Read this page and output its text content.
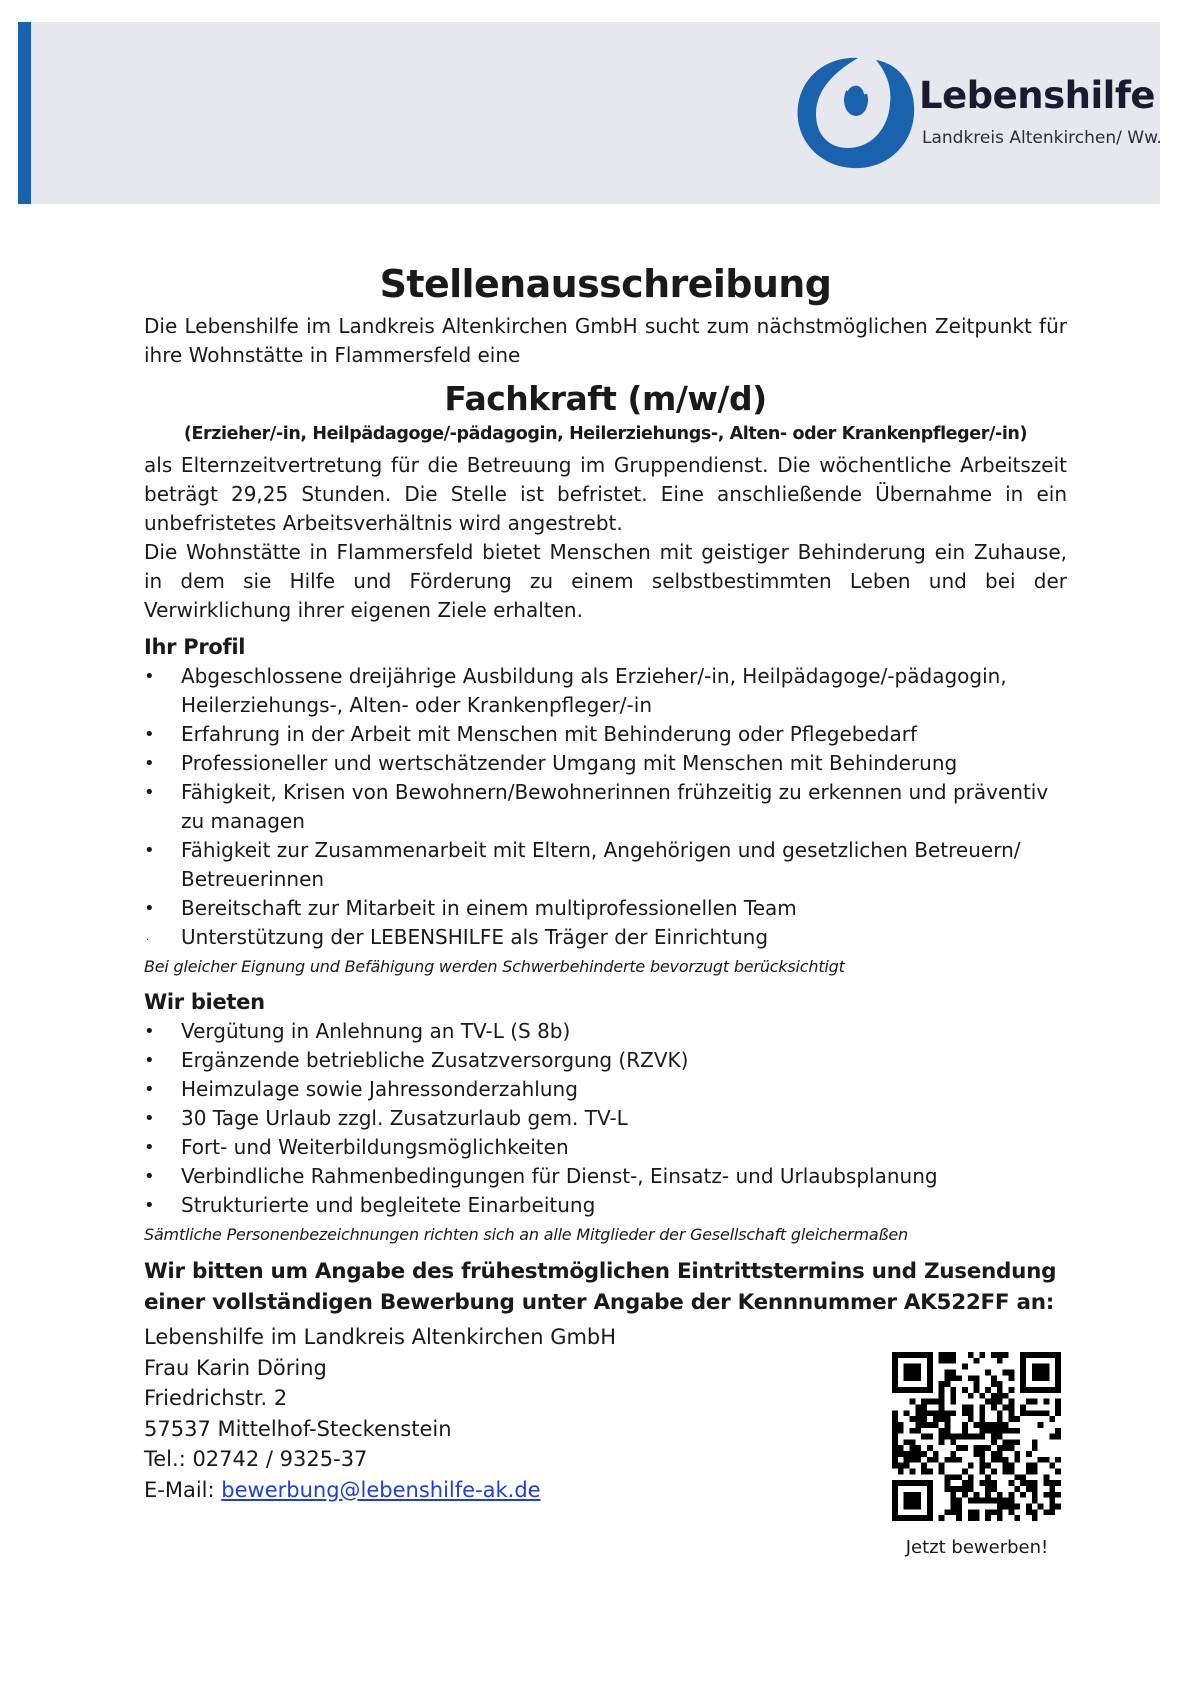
Lebenshilfe
Landkreis Altenkirchen/ Ww.
Stellenausschreibung

Die Lebenshilfe im Landkreis Altenkirchen GmbH sucht zum nächstmöglichen Zeitpunkt für ihre Wohnstätte in Flammersfeld eine

Fachkraft (m/w/d)
(Erzieher/-in, Heilpädagoge/-pädagogin, Heilerziehungs-, Alten- oder Krankenpfleger/-in)

als Elternzeitvertretung für die Betreuung im Gruppendienst. Die wöchentliche Arbeitszeit beträgt 29,25 Stunden. Die Stelle ist befristet. Eine anschließende Übernahme in ein unbefristetes Arbeitsverhältnis wird angestrebt.

Die Wohnstätte in Flammersfeld bietet Menschen mit geistiger Behinderung ein Zuhause, in dem sie Hilfe und Förderung zu einem selbstbestimmten Leben und bei der Verwirklichung ihrer eigenen Ziele erhalten.

Ihr Profil
• Abgeschlossene dreijährige Ausbildung als Erzieher/-in, Heilpädagoge/-pädagogin, Heilerziehungs-, Alten- oder Krankenpfleger/-in
• Erfahrung in der Arbeit mit Menschen mit Behinderung oder Pflegebedarf
• Professioneller und wertschätzender Umgang mit Menschen mit Behinderung
• Fähigkeit, Krisen von Bewohnern/Bewohnerinnen frühzeitig zu erkennen und präventiv zu managen
• Fähigkeit zur Zusammenarbeit mit Eltern, Angehörigen und gesetzlichen Betreuern/ Betreuerinnen
• Bereitschaft zur Mitarbeit in einem multiprofessionellen Team
. Unterstützung der LEBENSHILFE als Träger der Einrichtung
Bei gleicher Eignung und Befähigung werden Schwerbehinderte bevorzugt berücksichtigt
Wir bieten
• Vergütung in Anlehnung an TV-L (S 8b)
• Ergänzende betriebliche Zusatzversorgung (RZVK)
• Heimzulage sowie Jahressonderzahlung
• 30 Tage Urlaub zzgl. Zusatzurlaub gem. TV-L
• Fort- und Weiterbildungsmöglichkeiten
• Verbindliche Rahmenbedingungen für Dienst-, Einsatz- und Urlaubsplanung
• Strukturierte und begleitete Einarbeitung
Sämtliche Personenbezeichnungen richten sich an alle Mitglieder der Gesellschaft gleichermaßen
Wir bitten um Angabe des frühestmöglichen Eintrittstermins und Zusendung einer vollständigen Bewerbung unter Angabe der Kennnummer AK522FF an:
Lebenshilfe im Landkreis Altenkirchen GmbH
Frau Karin Döring
Friedrichstr. 2
57537 Mittelhof-Steckenstein
Tel.: 02742 / 9325-37
E-Mail: bewerbung@lebenshilfe-ak.de
Jetzt bewerben!
